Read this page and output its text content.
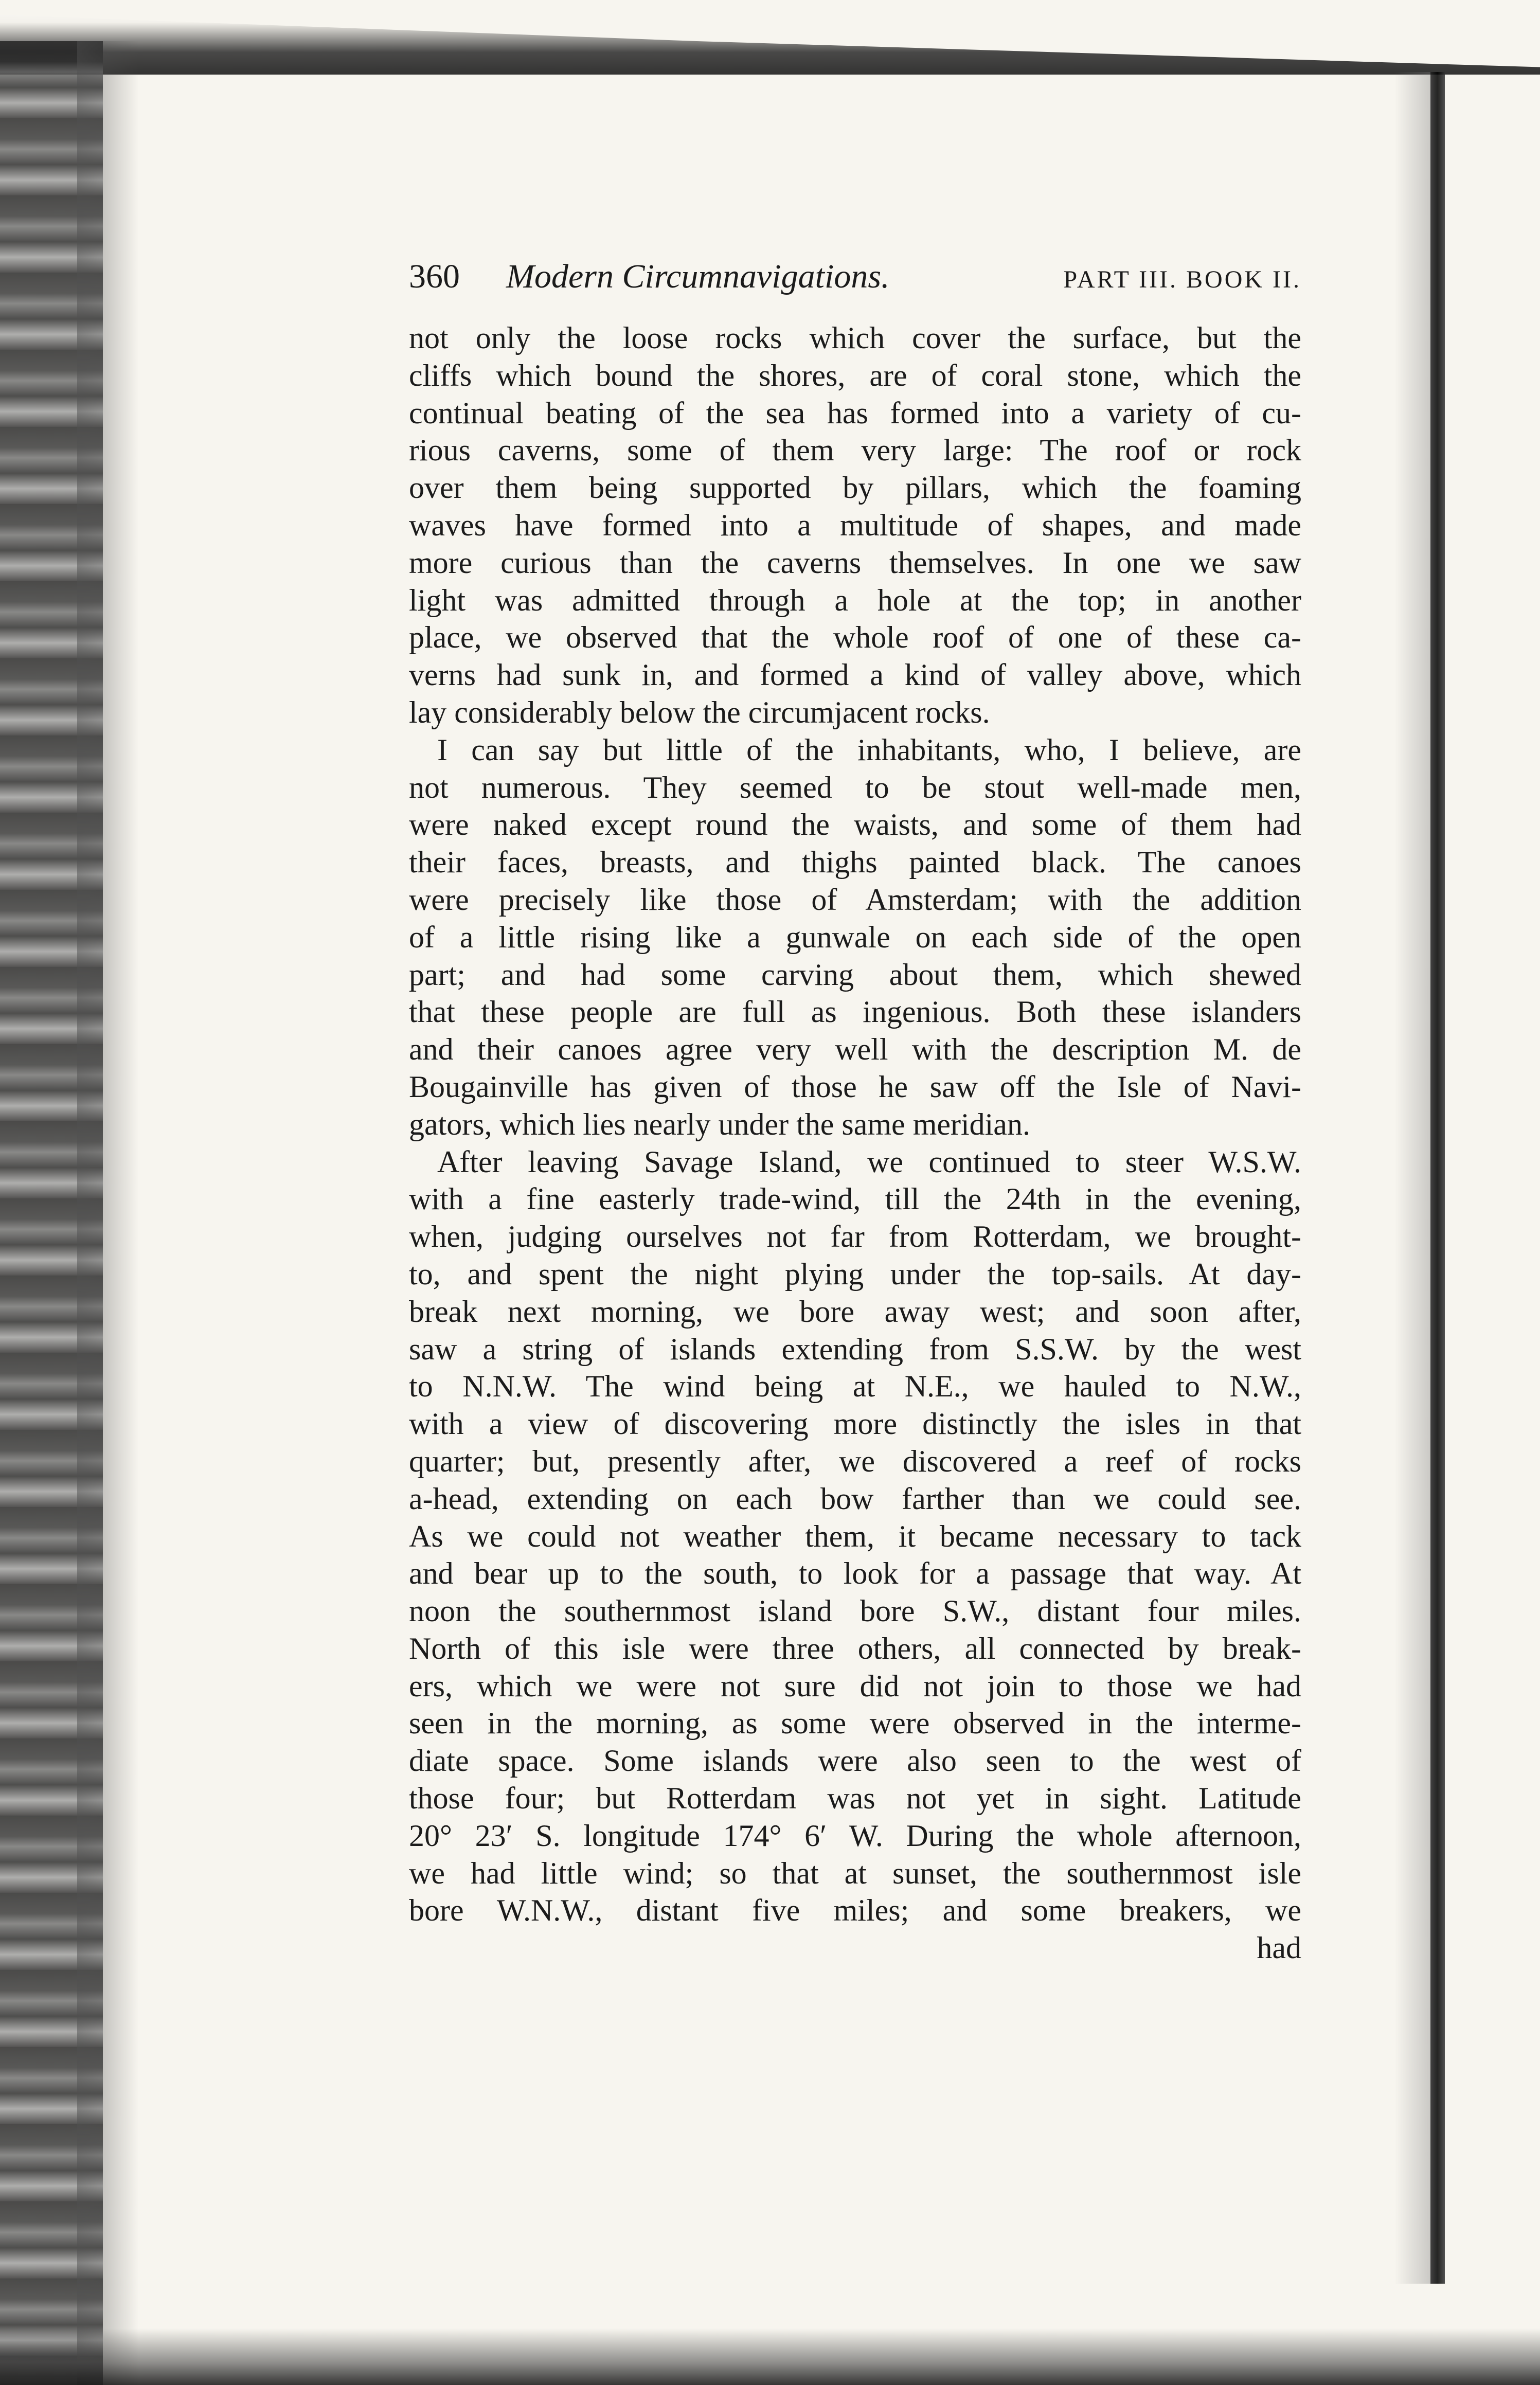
360 Modern Circumnavigations.	PART III. BOOK II.
not only the loose rocks which cover the surface, but the
cliffs which bound the shores, are of coral stone, which the
continual beating of the sea has formed into a variety of cu-
rious caverns, some of them very large: The roof or rock
over them being supported by pillars, which the foaming
waves have formed into a multitude of shapes, and made
more curious than the caverns themselves. In one we saw
light was admitted through a hole at the top; in another
place, we observed that the whole roof of one of these ca-
verns had sunk in, and formed a kind of valley above, which
lay considerably below the circumjacent rocks.
I can say but little of the inhabitants, who, I believe, are
not numerous. They seemed to be stout well-made men,
were naked except round the waists, and some of them had
their faces, breasts, and thighs painted black. The canoes
were precisely like those of Amsterdam; with the addition
of a little rising like a gunwale on each side of the open
part; and had some carving about them, which shewed
that these people are full as ingenious. Both these islanders
and their canoes agree very well with the description M. de
Bougainville has given of those he saw off the Isle of Navi-
gators, which lies nearly under the same meridian.
After leaving Savage Island, we continued to steer W.S.W.
with a fine easterly trade-wind, till the 24th in the evening,
when, judging ourselves not far from Rotterdam, we brought-
to, and spent the night plying under the top-sails. At day-
break next morning, we bore away west; and soon after,
saw a string of islands extending from S.S.W. by the west
to N.N.W. The wind being at N.E., we hauled to N.W.,
with a view of discovering more distinctly the isles in that
quarter; but, presently after, we discovered a reef of rocks
a-head, extending on each bow farther than we could see.
As we could not weather them, it became necessary to tack
and bear up to the south, to look for a passage that way. At
noon the southernmost island bore S.W., distant four miles.
North of this isle were three others, all connected by break-
ers, which we were not sure did not join to those we had
seen in the morning, as some were observed in the interme-
diate space. Some islands were also seen to the west of
those four; but Rotterdam was not yet in sight. Latitude
20° 23′ S. longitude 174° 6′ W. During the whole afternoon,
we had little wind; so that at sunset, the southernmost isle
bore W.N.W., distant five miles; and some breakers, we
had
